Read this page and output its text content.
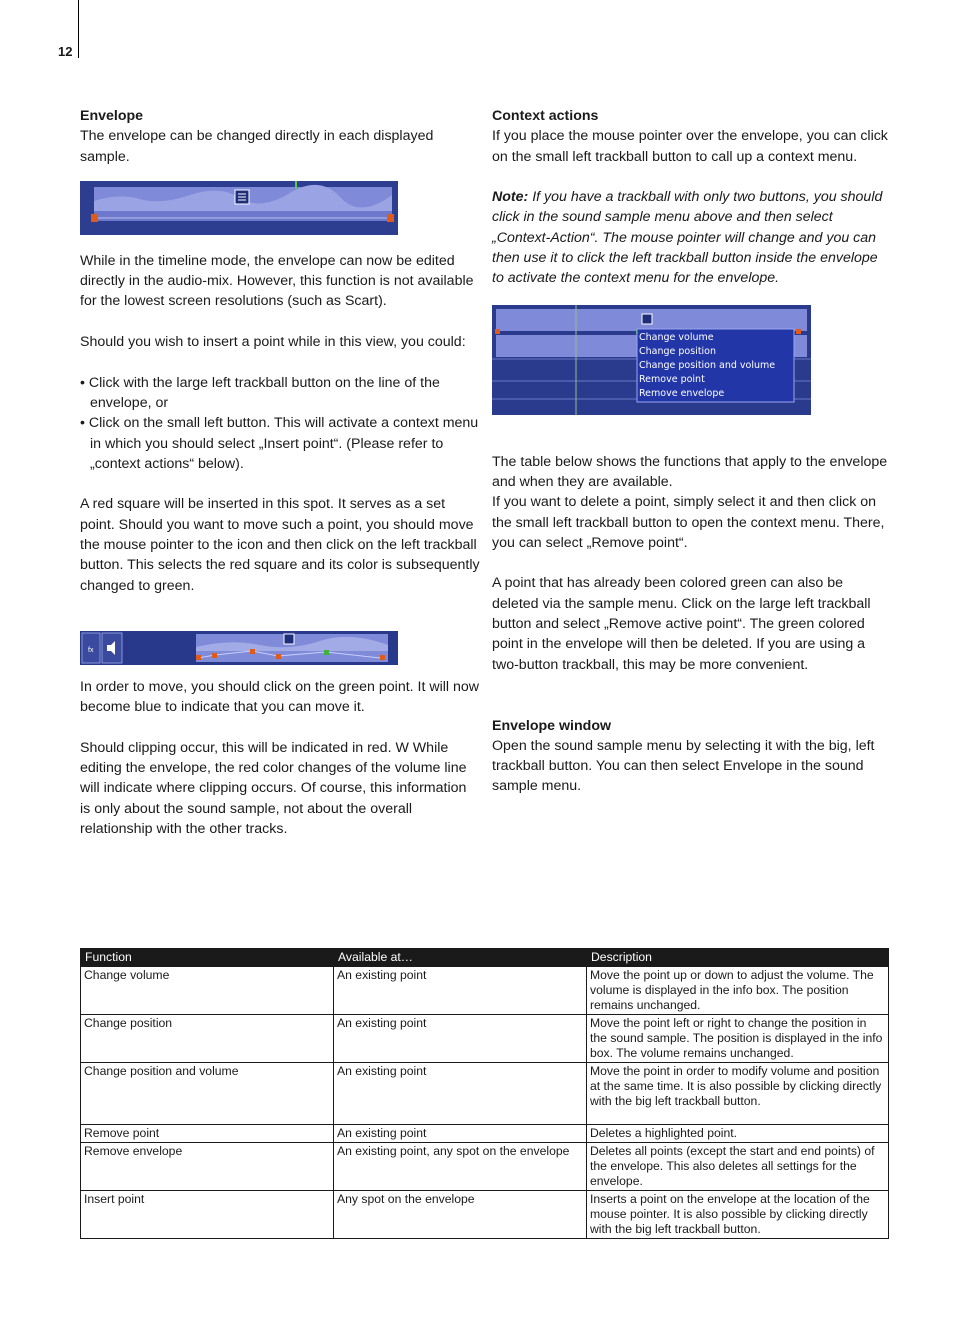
12

Envelope

The envelope can be changed directly in each displayed sample.

While in the timeline mode, the envelope can now be edited directly in the audio-mix. However, this function is not available for the lowest screen resolutions (such as Scart).

Should you wish to insert a point while in this view, you could:

• Click with the large left trackball button on the line of the envelope, or

• Click on the small left button. This will activate a context menu in which you should select „Insert point“. (Please refer to „context actions“ below).

A red square will be inserted in this spot. It serves as a set point. Should you want to move such a point, you should move the mouse pointer to the icon and then click on the left trackball button. This selects the red square and its color is subsequently changed to green.

fx

In order to move, you should click on the green point. It will now become blue to indicate that you can move it.

Should clipping occur, this will be indicated in red. W While editing the envelope, the red color changes of the volume line will indicate where clipping occurs. Of course, this information is only about the sound sample, not about the overall relationship with the other tracks.

Context actions

If you place the mouse pointer over the envelope, you can click on the small left trackball button to call up a context menu.

Note: If you have a trackball with only two buttons, you should click in the sound sample menu above and then select „Context-Action“. The mouse pointer will change and you can then use it to click the left trackball button inside the envelope to activate the context menu for the envelope.

Change volume
Change position
Change position and volume
Remove point
Remove envelope

The table below shows the functions that apply to the envelope and when they are available.

If you want to delete a point, simply select it and then click on the small left trackball button to open the context menu. There, you can select „Remove point“.

A point that has already been colored green can also be deleted via the sample menu. Click on the large left trackball button and select „Remove active point“. The green colored point in the envelope will then be deleted. If you are using a two-button trackball, this may be more convenient.

Envelope window

Open the sound sample menu by selecting it with the big, left trackball button. You can then select Envelope in the sound sample menu.

Function	Available at…	Description
Change volume	An existing point	Move the point up or down to adjust the volume. The volume is displayed in the info box. The position remains unchanged.
Change position	An existing point	Move the point left or right to change the position in the sound sample. The position is displayed in the info box. The volume remains unchanged.
Change position and volume	An existing point	Move the point in order to modify volume and position at the same time. It is also possible by clicking directly with the big left trackball button.
Remove point	An existing point	Deletes a highlighted point.
Remove envelope	An existing point, any spot on the envelope	Deletes all points (except the start and end points) of the envelope. This also deletes all settings for the envelope.
Insert point	Any spot on the envelope	Inserts a point on the envelope at the location of the mouse pointer. It is also possible by clicking directly with the big left trackball button.
